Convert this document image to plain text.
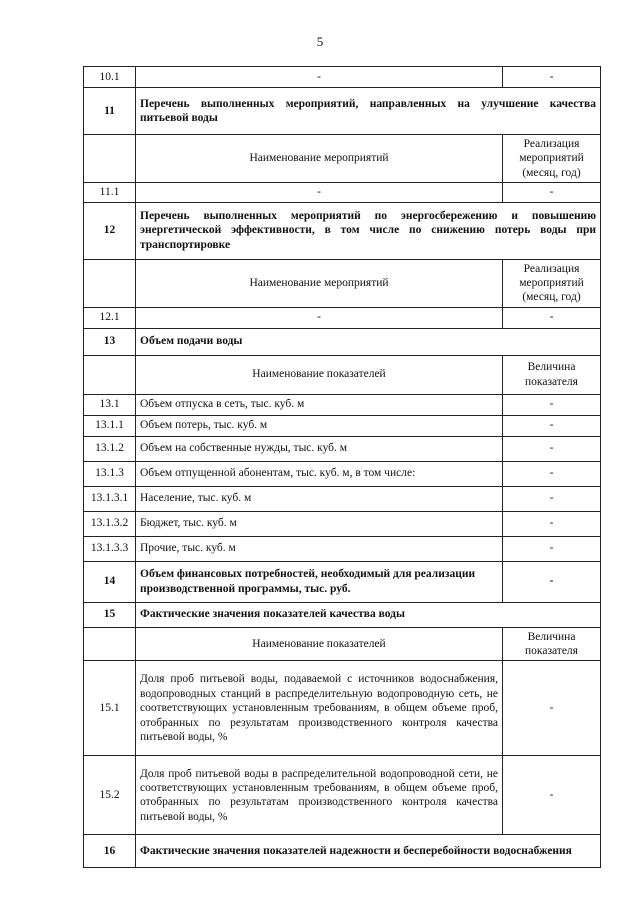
5
10.1	-	-
11	Перечень выполненных мероприятий, направленных на улучшение качества питьевой воды	
	Наименование мероприятий	Реализация мероприятий (месяц, год)
11.1	-	-
12	Перечень выполненных мероприятий по энергосбережению и повышению энергетической эффективности, в том числе по снижению потерь воды при транспортировке	
	Наименование мероприятий	Реализация мероприятий (месяц, год)
12.1	-	-
13	Объем подачи воды	
	Наименование показателей	Величина показателя
13.1	Объем отпуска в сеть, тыс. куб. м	-
13.1.1	Объем потерь, тыс. куб. м	-
13.1.2	Объем на собственные нужды, тыс. куб. м	-
13.1.3	Объем отпущенной абонентам, тыс. куб. м, в том числе:	-
13.1.3.1	Население, тыс. куб. м	-
13.1.3.2	Бюджет, тыс. куб. м	-
13.1.3.3	Прочие, тыс. куб. м	-
14	Объем финансовых потребностей, необходимый для реализации производственной программы, тыс. руб.	-
15	Фактические значения показателей качества воды	
	Наименование показателей	Величина показателя
15.1	Доля проб питьевой воды, подаваемой с источников водоснабжения, водопроводных станций в распределительную водопроводную сеть, не соответствующих установленным требованиям, в общем объеме проб, отобранных по результатам производственного контроля качества питьевой воды, %	-
15.2	Доля проб питьевой воды в распределительной водопроводной сети, не соответствующих установленным требованиям, в общем объеме проб, отобранных по результатам производственного контроля качества питьевой воды, %	-
16	Фактические значения показателей надежности и бесперебойности водоснабжения	
